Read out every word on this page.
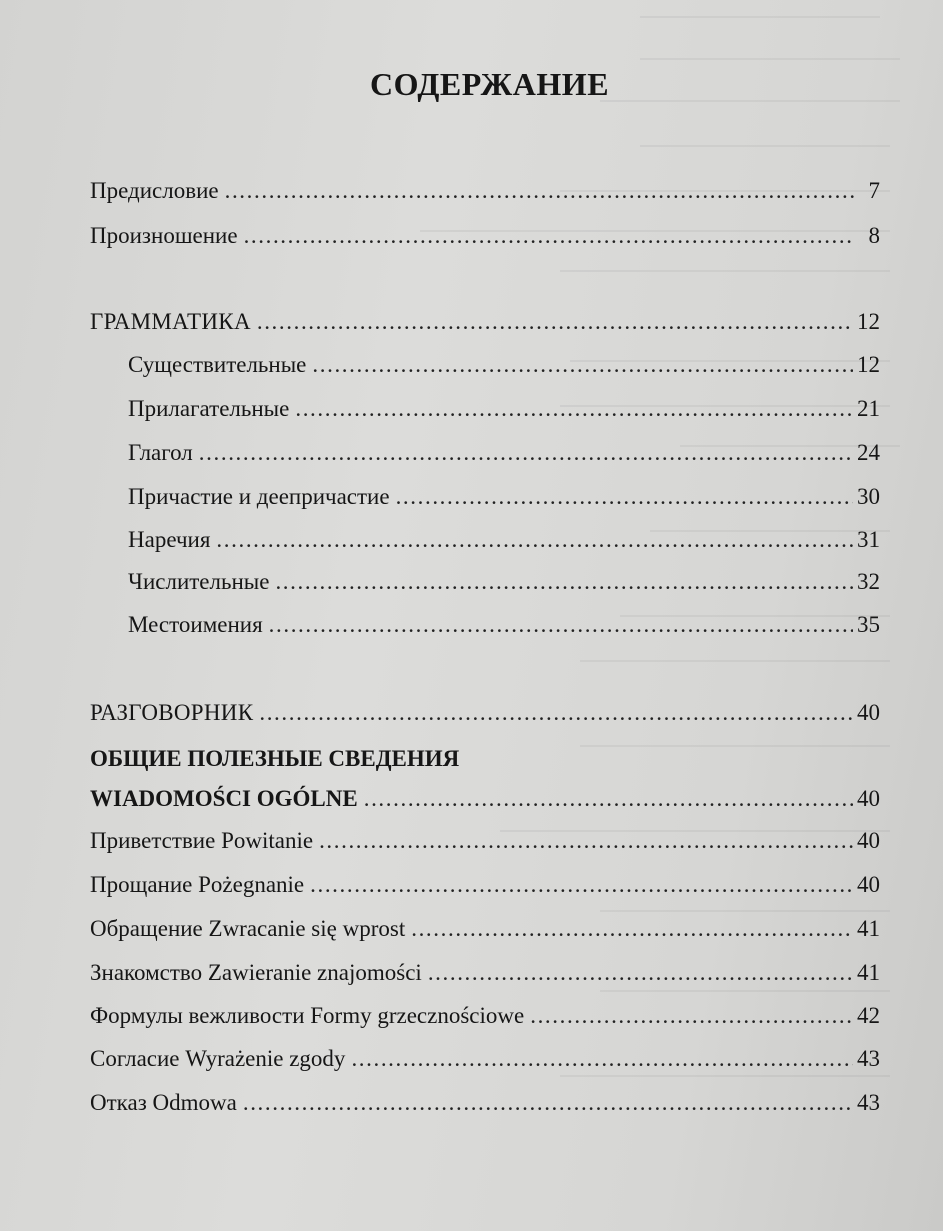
СОДЕРЖАНИЕ
Предисловие .....	7
Произношение .....	8
ГРАММАТИКА .....	12
Существительные .....	12
Прилагательные .....	21
Глагол .....	24
Причастие и деепричастие .....	30
Наречия .....	31
Числительные .....	32
Местоимения .....	35
РАЗГОВОРНИК .....	40
ОБЩИЕ ПОЛЕЗНЫЕ СВЕДЕНИЯ
WIADOMOŚCI OGÓLNE .....	40
Приветствие Powitanie .....	40
Прощание Pożegnanie .....	40
Обращение Zwracanie się wprost .....	41
Знакомство Zawieranie znajomości .....	41
Формулы вежливости Formy grzecznościowe .....	42
Согласие Wyrażenie zgody .....	43
Отказ Odmowa .....	43
